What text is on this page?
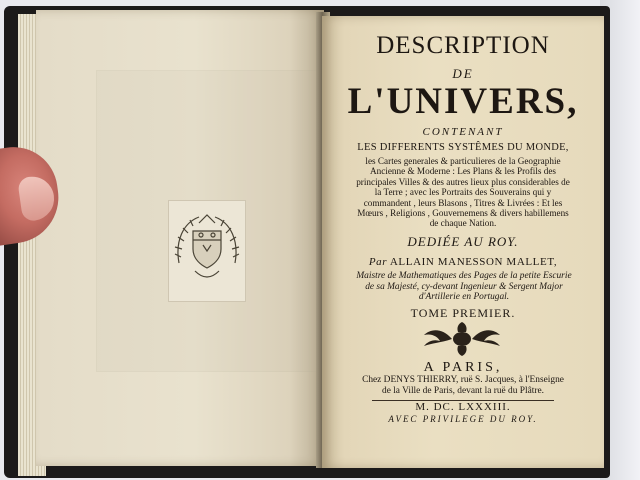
DESCRIPTION
DE
L'UNIVERS,
CONTENANT
LES DIFFERENTS SYSTÊMES DU MONDE,
les Cartes generales & particulieres de la Geographie
Ancienne & Moderne : Les Plans & les Profils des
principales Villes & des autres lieux plus considerables de
la Terre ; avec les Portraits des Souverains qui y
commandent , leurs Blasons , Titres & Livrées : Et les
Mœurs , Religions , Gouvernemens & divers habillemens
de chaque Nation.
DEDIÉE AU ROY.
Par ALLAIN MANESSON MALLET,
Maistre de Mathematiques des Pages de la petite Escurie
de sa Majesté, cy-devant Ingenieur & Sergent Major
d'Artillerie en Portugal.
TOME PREMIER.
A PARIS,
Chez DENYS THIERRY, ruë S. Jacques, à l'Enseigne
de la Ville de Paris, devant la ruë du Plâtre.
M. DC. LXXXIII.
AVEC PRIVILEGE DU ROY.
